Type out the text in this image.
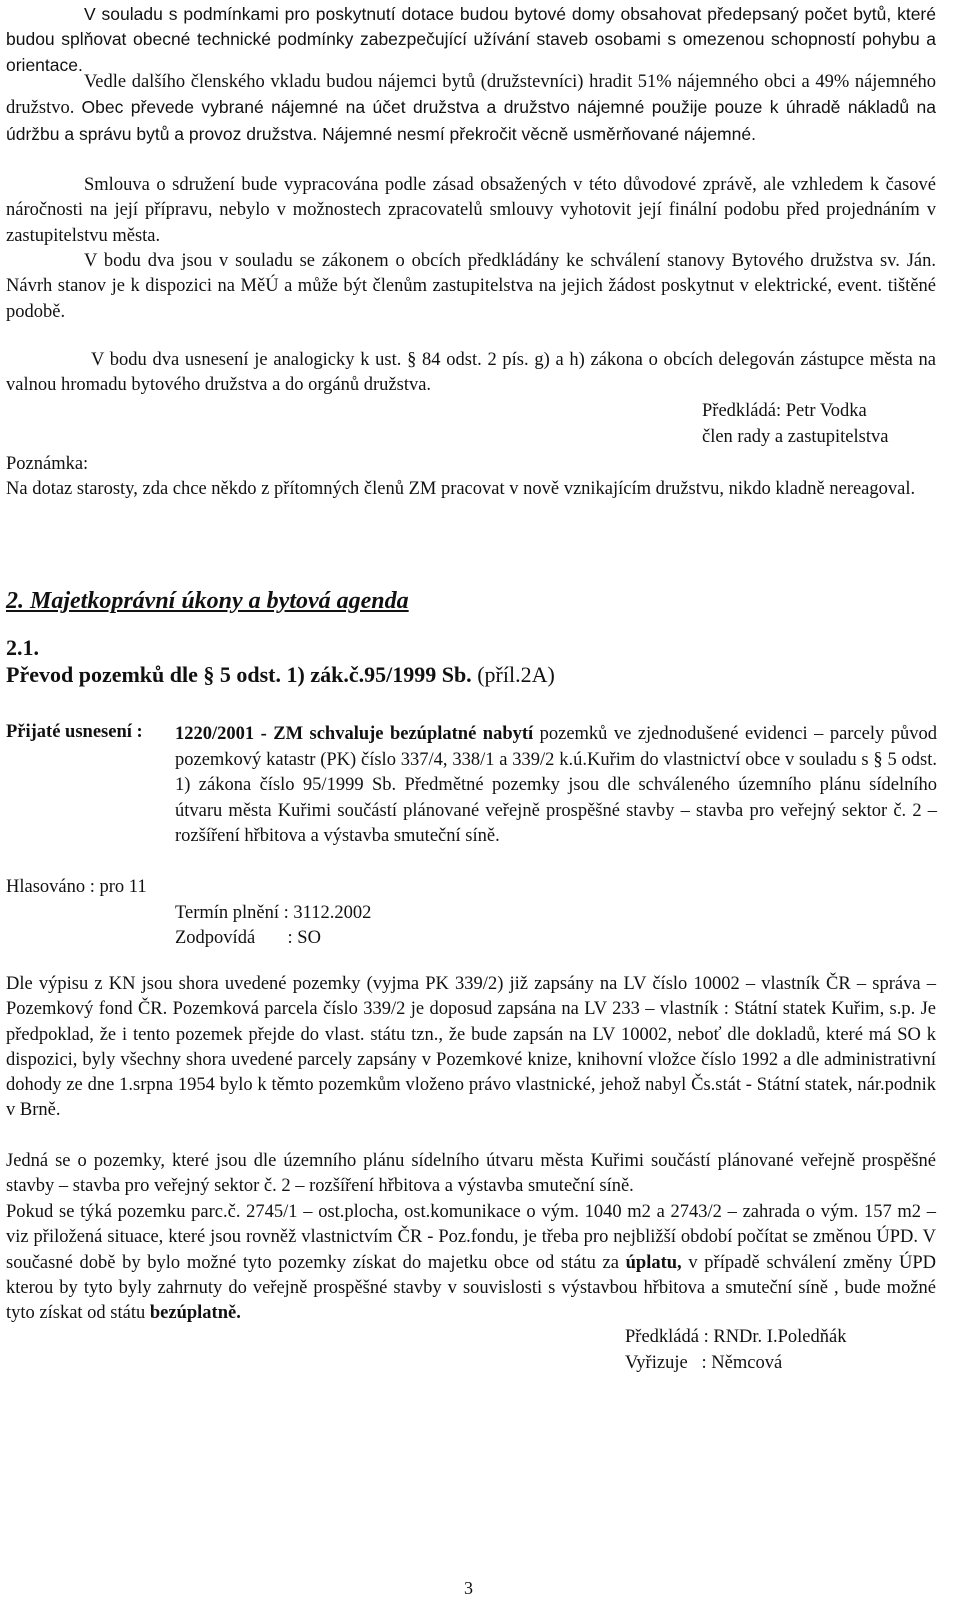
V souladu s podmínkami pro poskytnutí dotace budou bytové domy obsahovat předepsaný počet bytů, které budou splňovat obecné technické podmínky zabezpečující užívání staveb osobami s omezenou schopností pohybu a orientace.

Vedle dalšího členského vkladu budou nájemci bytů (družstevníci) hradit 51% nájemného obci a 49% nájemného družstvo. Obec převede vybrané nájemné na účet družstva a družstvo nájemné použije pouze k úhradě nákladů na údržbu a správu bytů a provoz družstva. Nájemné nesmí překročit věcně usměrňované nájemné.

Smlouva o sdružení bude vypracována podle zásad obsažených v této důvodové zprávě, ale vzhledem k časové náročnosti na její přípravu, nebylo v možnostech zpracovatelů smlouvy vyhotovit její finální podobu před projednáním v zastupitelstvu města.

V bodu dva jsou v souladu se zákonem o obcích předkládány ke schválení stanovy Bytového družstva sv. Ján. Návrh stanov je k dispozici na MěÚ a může být členům zastupitelstva na jejich žádost poskytnut v elektrické, event. tištěné podobě.

V bodu dva usnesení je analogicky k ust. § 84 odst. 2 pís. g) a h) zákona o obcích delegován zástupce města na valnou hromadu bytového družstva a do orgánů družstva.

Předkládá: Petr Vodka
člen rady a zastupitelstva
Poznámka:

Na dotaz starosty, zda chce někdo z přítomných členů ZM pracovat v nově vznikajícím družstvu, nikdo kladně nereagoval.

2. Majetkoprávní úkony a bytová agenda
2.1.
Převod pozemků dle § 5 odst. 1) zák.č.95/1999 Sb. (příl.2A)
Přijaté usnesení : 1220/2001 - ZM schvaluje bezúplatné nabytí pozemků ve zjednodušené evidenci – parcely původ pozemkový katastr (PK) číslo 337/4, 338/1 a 339/2 k.ú.Kuřim do vlastnictví obce v souladu s § 5 odst. 1) zákona číslo 95/1999 Sb. Předmětné pozemky jsou dle schváleného územního plánu sídelního útvaru města Kuřimi součástí plánované veřejně prospěšné stavby – stavba pro veřejný sektor č. 2 – rozšíření hřbitova a výstavba smuteční síně.

Hlasováno : pro 11
Termín plnění : 3112.2002
Zodpovídá       : SO

Dle výpisu z KN jsou shora uvedené pozemky (vyjma PK 339/2) již zapsány na LV číslo 10002 – vlastník ČR – správa – Pozemkový fond ČR. Pozemková parcela číslo 339/2 je doposud zapsána na LV 233 – vlastník : Státní statek Kuřim, s.p. Je předpoklad, že i tento pozemek přejde do vlast. státu tzn., že bude zapsán na LV 10002, neboť dle dokladů, které má SO k dispozici, byly všechny shora uvedené parcely zapsány v Pozemkové knize, knihovní vložce číslo 1992 a dle administrativní dohody ze dne 1.srpna 1954 bylo k těmto pozemkům vloženo právo vlastnické, jehož nabyl Čs.stát - Státní statek, nár.podnik v Brně.

Jedná se o pozemky, které jsou dle územního plánu sídelního útvaru města Kuřimi součástí plánované veřejně prospěšné stavby – stavba pro veřejný sektor č. 2 – rozšíření hřbitova a výstavba smuteční síně.

Pokud se týká pozemku parc.č. 2745/1 – ost.plocha, ost.komunikace o vým. 1040 m2 a 2743/2 – zahrada o vým. 157 m2 – viz přiložená situace, které jsou rovněž vlastnictvím ČR - Poz.fondu, je třeba pro nejbližší období počítat se změnou ÚPD. V současné době by bylo možné tyto pozemky získat do majetku obce od státu za úplatu, v případě schválení změny ÚPD kterou by tyto byly zahrnuty do veřejně prospěšné stavby v souvislosti s výstavbou hřbitova a smuteční síně , bude možné tyto získat od státu bezúplatně.

Předkládá : RNDr. I.Poledňák
Vyřizuje   : Němcová
3
